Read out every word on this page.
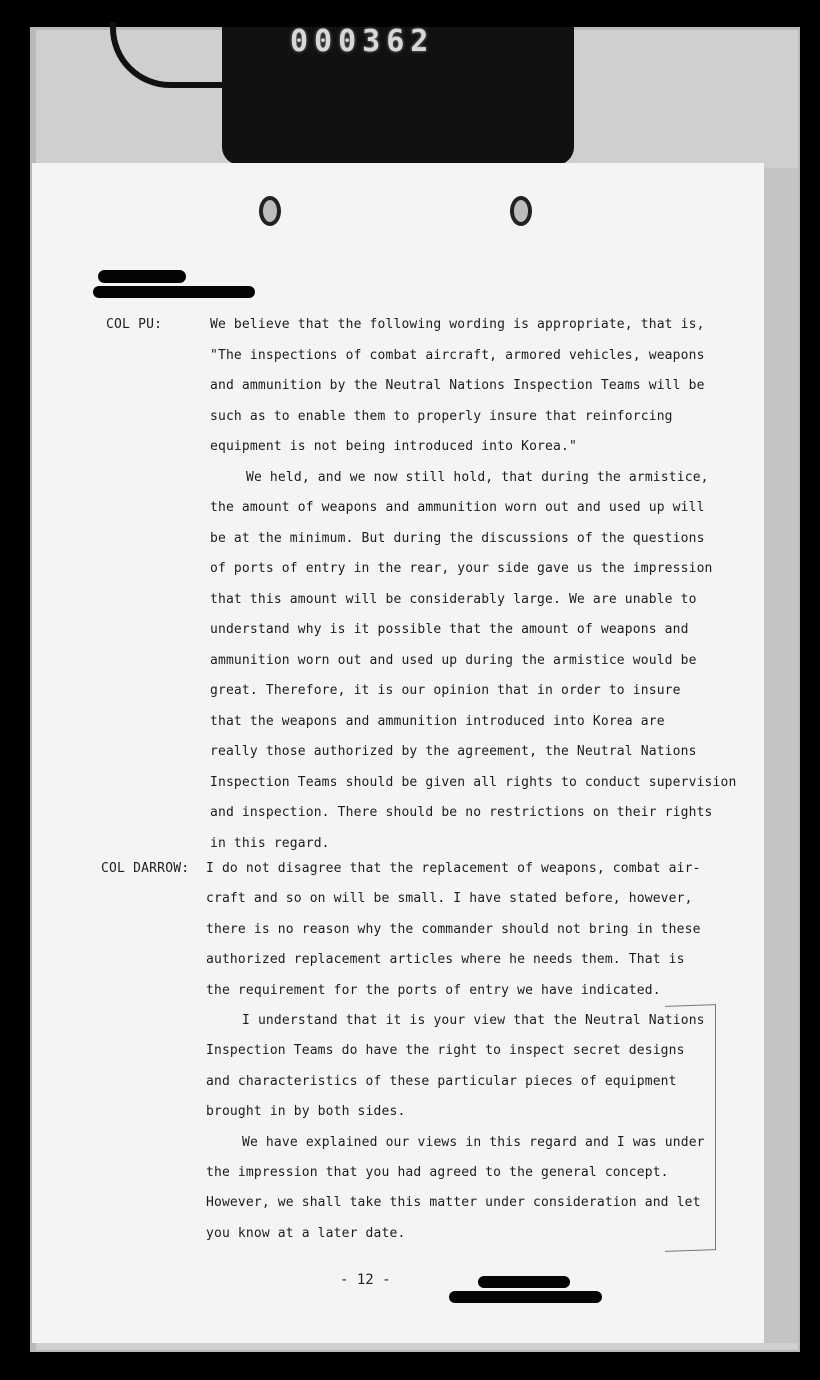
000362
COL PU:	We believe that the following wording is appropriate, that is,
"The inspections of combat aircraft, armored vehicles, weapons
and ammunition by the Neutral Nations Inspection Teams will be
such as to enable them to properly insure that reinforcing
equipment is not being introduced into Korea."
We held, and we now still hold, that during the armistice,
the amount of weapons and ammunition worn out and used up will
be at the minimum. But during the discussions of the questions
of ports of entry in the rear, your side gave us the impression
that this amount will be considerably large. We are unable to
understand why is it possible that the amount of weapons and
ammunition worn out and used up during the armistice would be
great. Therefore, it is our opinion that in order to insure
that the weapons and ammunition introduced into Korea are
really those authorized by the agreement, the Neutral Nations
Inspection Teams should be given all rights to conduct supervision
and inspection. There should be no restrictions on their rights
in this regard.
COL DARROW: I do not disagree that the replacement of weapons, combat air-
craft and so on will be small. I have stated before, however,
there is no reason why the commander should not bring in these
authorized replacement articles where he needs them. That is
the requirement for the ports of entry we have indicated.
I understand that it is your view that the Neutral Nations
Inspection Teams do have the right to inspect secret designs
and characteristics of these particular pieces of equipment
brought in by both sides.
We have explained our views in this regard and I was under
the impression that you had agreed to the general concept.
However, we shall take this matter under consideration and let
you know at a later date.
- 12 -
